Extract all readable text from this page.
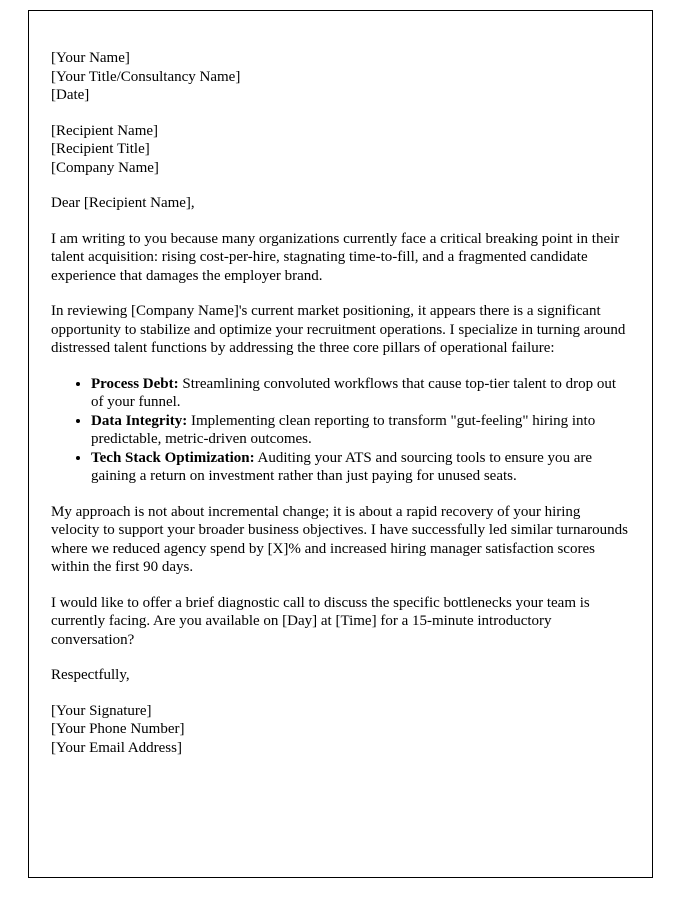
[Your Name]
[Your Title/Consultancy Name]
[Date]
[Recipient Name]
[Recipient Title]
[Company Name]

Dear [Recipient Name],

I am writing to you because many organizations currently face a critical breaking point in their talent acquisition: rising cost-per-hire, stagnating time-to-fill, and a fragmented candidate experience that damages the employer brand.

In reviewing [Company Name]'s current market positioning, it appears there is a significant opportunity to stabilize and optimize your recruitment operations. I specialize in turning around distressed talent functions by addressing the three core pillars of operational failure:

• Process Debt: Streamlining convoluted workflows that cause top-tier talent to drop out of your funnel.
• Data Integrity: Implementing clean reporting to transform "gut-feeling" hiring into predictable, metric-driven outcomes.
• Tech Stack Optimization: Auditing your ATS and sourcing tools to ensure you are gaining a return on investment rather than just paying for unused seats.

My approach is not about incremental change; it is about a rapid recovery of your hiring velocity to support your broader business objectives. I have successfully led similar turnarounds where we reduced agency spend by [X]% and increased hiring manager satisfaction scores within the first 90 days.

I would like to offer a brief diagnostic call to discuss the specific bottlenecks your team is currently facing. Are you available on [Day] at [Time] for a 15-minute introductory conversation?

Respectfully,

[Your Signature]
[Your Phone Number]
[Your Email Address]
